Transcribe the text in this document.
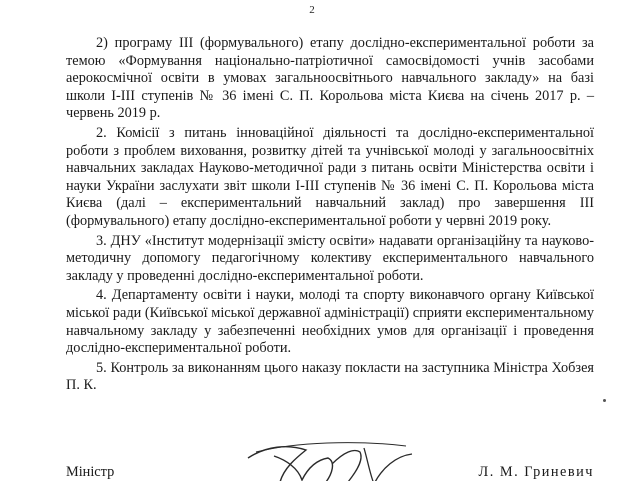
2

2) програму III (формувального) етапу дослідно-експериментальної роботи за темою «Формування національно-патріотичної самосвідомості учнів засобами аерокосмічної освіти в умовах загальноосвітнього навчального закладу» на базі школи І-ІІІ ступенів № 36 імені С. П. Корольова міста Києва на січень 2017 р. – червень 2019 р.

2. Комісії з питань інноваційної діяльності та дослідно-експериментальної роботи з проблем виховання, розвитку дітей та учнівської молоді у загальноосвітніх навчальних закладах Науково-методичної ради з питань освіти Міністерства освіти і науки України заслухати звіт школи І-ІІІ ступенів № 36 імені С. П. Корольова міста Києва (далі – експериментальний навчальний заклад) про завершення III (формувального) етапу дослідно-експериментальної роботи у червні 2019 року.

3. ДНУ «Інститут модернізації змісту освіти» надавати організаційну та науково-методичну допомогу педагогічному колективу експериментального навчального закладу у проведенні дослідно-експериментальної роботи.

4. Департаменту освіти і науки, молоді та спорту виконавчого органу Київської міської ради (Київської міської державної адміністрації) сприяти експериментальному навчальному закладу у забезпеченні необхідних умов для організації і проведення дослідно-експериментальної роботи.

5. Контроль за виконанням цього наказу покласти на заступника Міністра Хобзея П. К.

Міністр	Л. М. Гриневич
